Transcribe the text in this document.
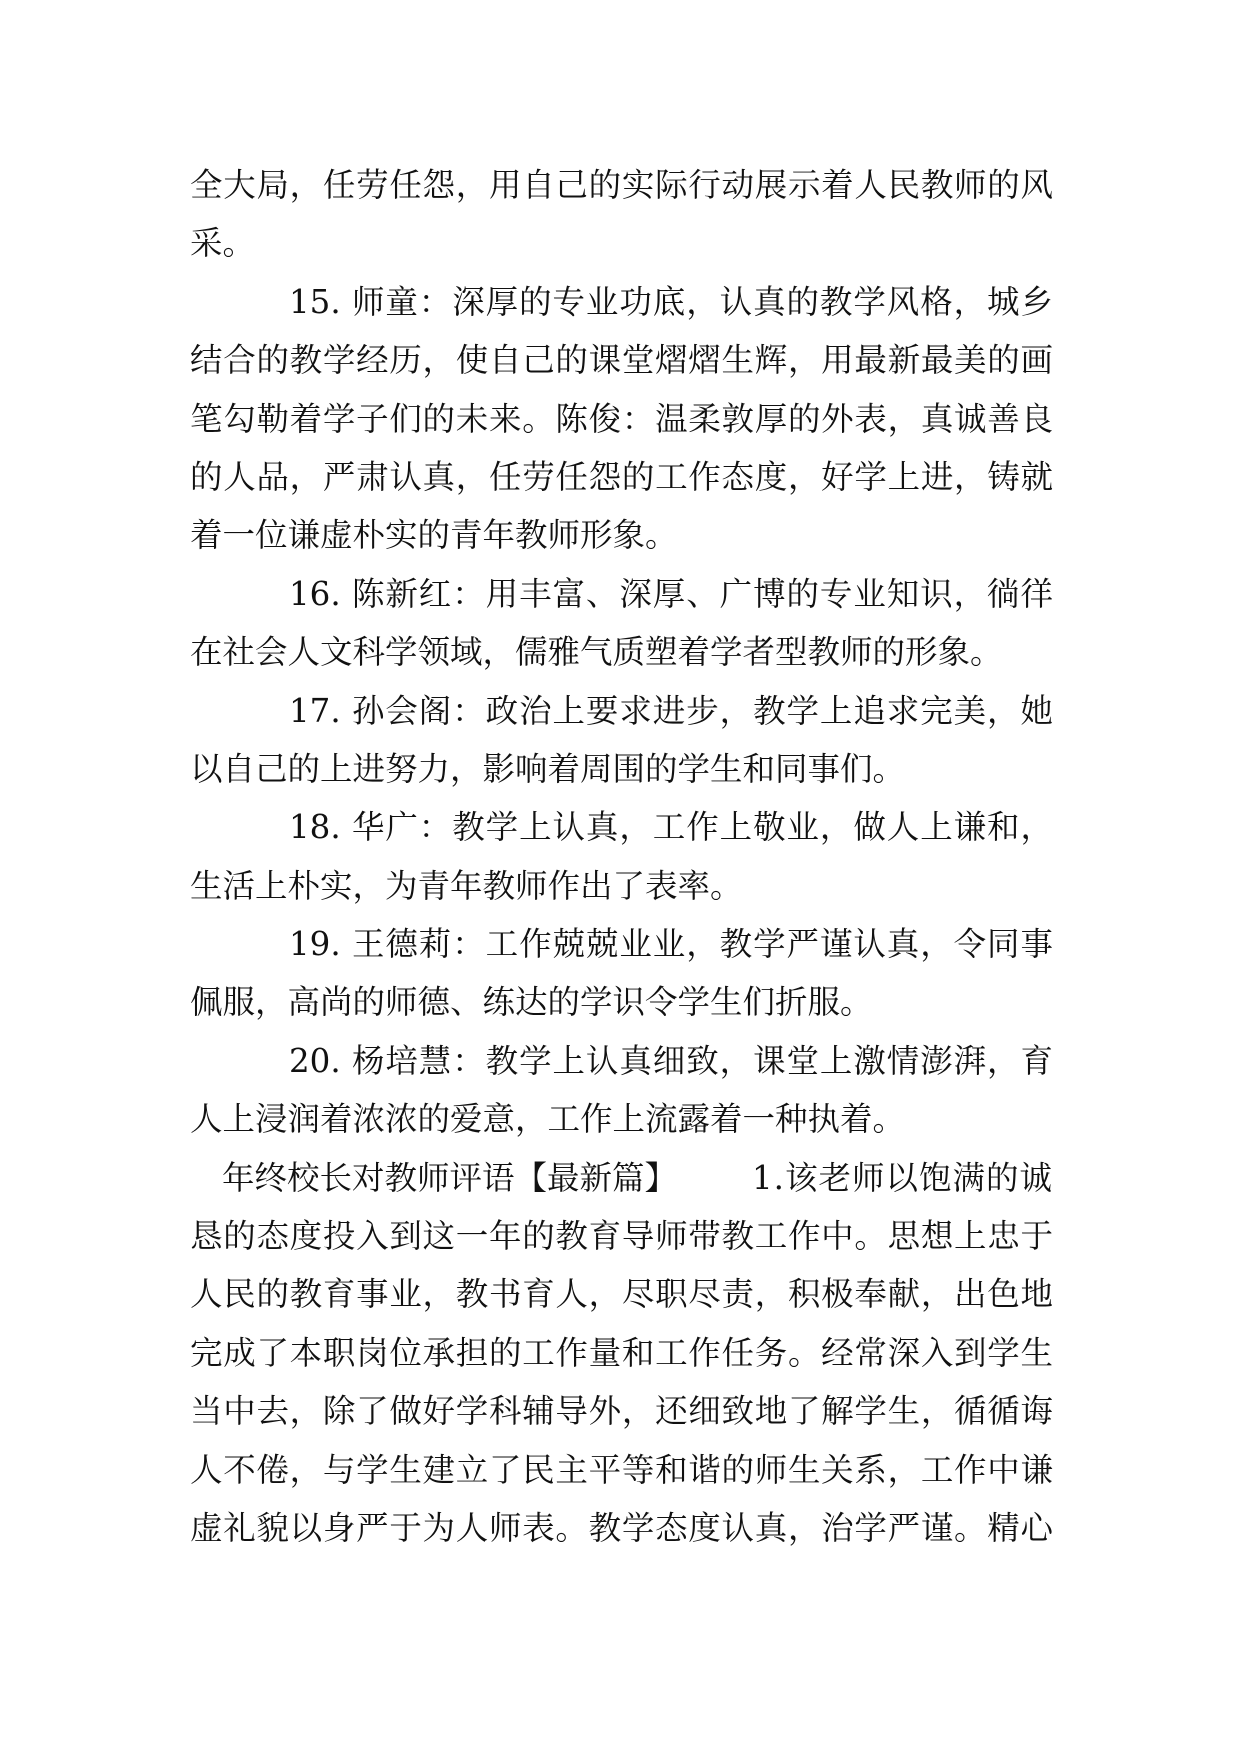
全大局，任劳任怨，用自己的实际行动展示着人民教师的风
采。
15. 师童：深厚的专业功底，认真的教学风格，城乡
结合的教学经历，使自己的课堂熠熠生辉，用最新最美的画
笔勾勒着学子们的未来。陈俊：温柔敦厚的外表，真诚善良
的人品，严肃认真，任劳任怨的工作态度，好学上进，铸就
着一位谦虚朴实的青年教师形象。
16. 陈新红：用丰富、深厚、广博的专业知识，徜徉
在社会人文科学领域，儒雅气质塑着学者型教师的形象。
17. 孙会阁：政治上要求进步，教学上追求完美，她
以自己的上进努力，影响着周围的学生和同事们。
18. 华广：教学上认真，工作上敬业，做人上谦和，
生活上朴实，为青年教师作出了表率。
19. 王德莉：工作兢兢业业，教学严谨认真，令同事
佩服，高尚的师德、练达的学识令学生们折服。
20. 杨培慧：教学上认真细致，课堂上激情澎湃，育
人上浸润着浓浓的爱意，工作上流露着一种执着。
年终校长对教师评语【最新篇】 1.该老师以饱满的诚
恳的态度投入到这一年的教育导师带教工作中。思想上忠于
人民的教育事业，教书育人，尽职尽责，积极奉献，出色地
完成了本职岗位承担的工作量和工作任务。经常深入到学生
当中去，除了做好学科辅导外，还细致地了解学生，循循诲
人不倦，与学生建立了民主平等和谐的师生关系，工作中谦
虚礼貌以身严于为人师表。教学态度认真，治学严谨。精心
